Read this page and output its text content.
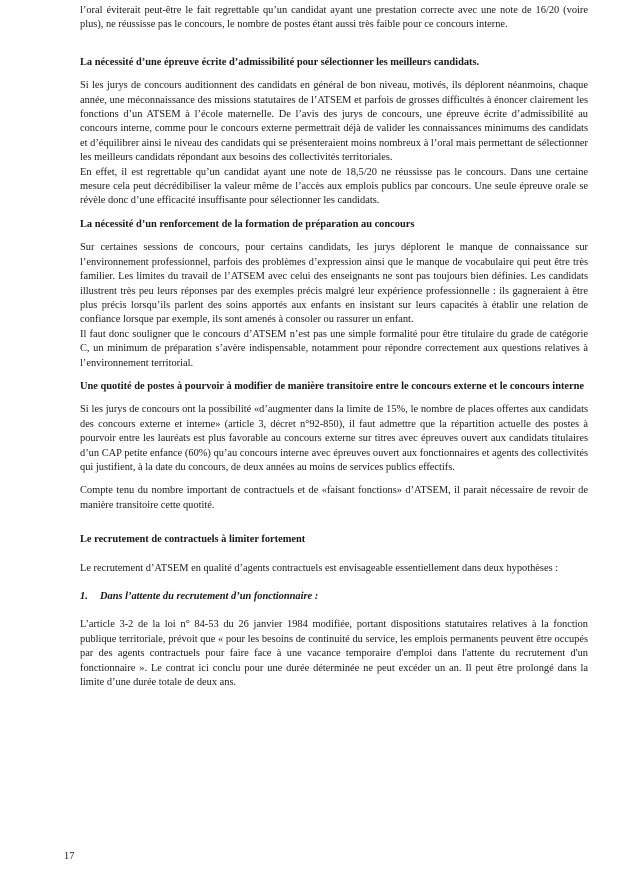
l’oral éviterait peut-être le fait regrettable qu’un candidat ayant une prestation correcte avec une note de 16/20 (voire plus), ne réussisse pas le concours, le nombre de postes étant aussi très faible pour ce concours interne.

La nécessité d’une épreuve écrite d’admissibilité pour sélectionner les meilleurs candidats.

Si les jurys de concours auditionnent des candidats en général de bon niveau, motivés, ils déplorent néanmoins, chaque année, une méconnaissance des missions statutaires de l’ATSEM et parfois de grosses difficultés à énoncer clairement les fonctions d’un ATSEM à l’école maternelle. De l’avis des jurys de concours, une épreuve écrite d’admissibilité au concours interne, comme pour le concours externe permettrait déjà de valider les connaissances minimums des candidats et d’équilibrer ainsi le niveau des candidats qui se présenteraient moins nombreux à l’oral mais permettant de sélectionner les meilleurs candidats répondant aux besoins des collectivités territoriales.

En effet, il est regrettable qu’un candidat ayant une note de 18,5/20 ne réussisse pas le concours. Dans une certaine mesure cela peut décrédibiliser la valeur même de l’accès aux emplois publics par concours. Une seule épreuve orale se révèle donc d’une efficacité insuffisante pour sélectionner les candidats.

La nécessité d’un renforcement de la formation de préparation au concours

Sur certaines sessions de concours, pour certains candidats, les jurys déplorent le manque de connaissance sur l’environnement professionnel, parfois des problèmes d’expression ainsi que le manque de vocabulaire qui peut être très familier. Les limites du travail de l’ATSEM avec celui des enseignants ne sont pas toujours bien définies. Les candidats illustrent très peu leurs réponses par des exemples précis malgré leur expérience professionnelle : ils gagneraient à être plus précis lorsqu’ils parlent des soins apportés aux enfants en insistant sur leurs capacités à établir une relation de confiance lorsque par exemple, ils sont amenés à consoler ou rassurer un enfant.

Il faut donc souligner que le concours d’ATSEM n’est pas une simple formalité pour être titulaire du grade de catégorie C, un minimum de préparation s’avère indispensable, notamment pour répondre correctement aux questions relatives à l’environnement territorial.

Une quotité de postes à pourvoir à modifier de manière transitoire entre le concours externe et le concours interne

Si les jurys de concours ont la possibilité «d’augmenter dans la limite de 15%, le nombre de places offertes aux candidats des concours externe et interne» (article 3, décret n°92-850), il faut admettre que la répartition actuelle des postes à pourvoir entre les lauréats est plus favorable au concours externe sur titres avec épreuves ouvert aux candidats titulaires d’un CAP petite enfance (60%) qu’au concours interne avec épreuves ouvert aux fonctionnaires et agents des collectivités qui justifient, à la date du concours, de deux années au moins de services publics effectifs.

Compte tenu du nombre important de contractuels et de «faisant fonctions» d’ATSEM, il parait nécessaire de revoir de manière transitoire cette quotité.

Le recrutement de contractuels à limiter fortement

Le recrutement d’ATSEM en qualité d’agents contractuels est envisageable essentiellement dans deux hypothèses :

1. Dans l’attente du recrutement d’un fonctionnaire :

L’article 3-2 de la loi n° 84-53 du 26 janvier 1984 modifiée, portant dispositions statutaires relatives à la fonction publique territoriale, prévoit que « pour les besoins de continuité du service, les emplois permanents peuvent être occupés par des agents contractuels pour faire face à une vacance temporaire d'emploi dans l'attente du recrutement d'un fonctionnaire ». Le contrat ici conclu pour une durée déterminée ne peut excéder un an. Il peut être prolongé dans la limite d’une durée totale de deux ans.

17
